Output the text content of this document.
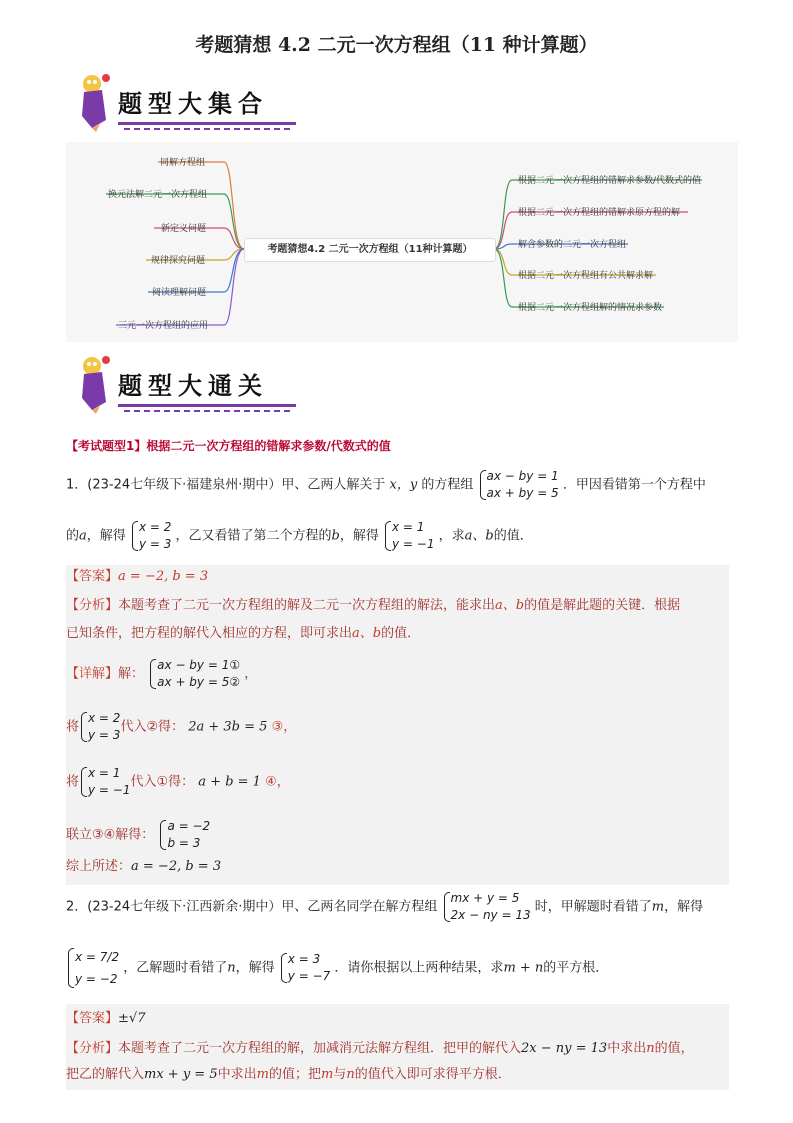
考题猜想 4.2 二元一次方程组（11 种计算题）
题型大集合
考题猜想4.2 二元一次方程组（11种计算题）
同解方程组
换元法解二元一次方程组
新定义问题
规律探究问题
阅读理解问题
三元一次方程组的应用
根据二元一次方程组的错解求参数/代数式的值
根据二元一次方程组的错解求原方程的解
解含参数的二元一次方程组
根据二元一次方程组有公共解求解
根据二元一次方程组解的情况求参数
题型大通关
【考试题型1】根据二元一次方程组的错解求参数/代数式的值
1．(23-24七年级下·福建泉州·期中）甲、乙两人解关于 x，y 的方程组 ax − by = 1
ax + by = 5 ．甲因看错第一个方程中
的a，解得 x = 2
y = 3 ，乙又看错了第二个方程的b，解得 x = 1
y = −1 ，求a、b的值．
【答案】a = −2, b = 3
【分析】本题考查了二元一次方程组的解及二元一次方程组的解法，能求出a、b的值是解此题的关键．根据
已知条件，把方程的解代入相应的方程，即可求出a、b的值．
【详解】解： ax − by = 1①
ax + by = 5② ，
将x = 2
y = 3代入②得： 2a + 3b = 5 ③，
将x = 1
y = −1代入①得： a + b = 1 ④，
联立③④解得： a = −2
b = 3
综上所述：a = −2, b = 3
2．(23-24七年级下·江西新余·期中）甲、乙两名同学在解方程组 mx + y = 5
2x − ny = 13 时，甲解题时看错了m，解得
x = 7/2
y = −2 ，乙解题时看错了n，解得 x = 3
y = −7 ．请你根据以上两种结果，求m + n的平方根．
【答案】±√7
【分析】本题考查了二元一次方程组的解，加减消元法解方程组．把甲的解代入2x − ny = 13中求出n的值，
把乙的解代入mx + y = 5中求出m的值；把m与n的值代入即可求得平方根．
